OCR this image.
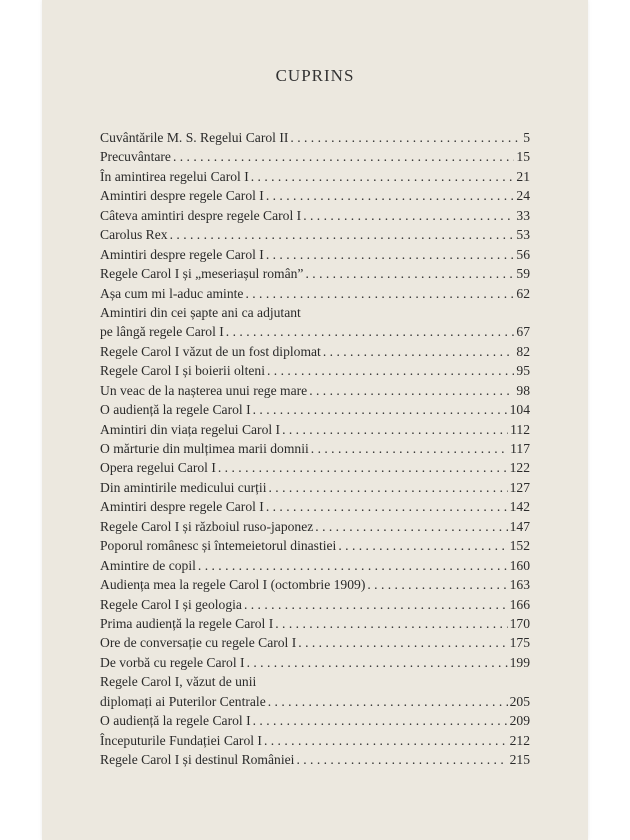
CUPRINS
Cuvântările M. S. Regelui Carol II . . .	5
Precuvântare . . .	15
În amintirea regelui Carol I . . .	21
Amintiri despre regele Carol I . . .	24
Câteva amintiri despre regele Carol I . . .	33
Carolus Rex . . .	53
Amintiri despre regele Carol I . . .	56
Regele Carol I și „meseriașul român” . . .	59
Așa cum mi l-aduc aminte . . .	62
Amintiri din cei șapte ani ca adjutant
pe lângă regele Carol I . . .	67
Regele Carol I văzut de un fost diplomat . . .	82
Regele Carol I și boierii olteni . . .	95
Un veac de la nașterea unui rege mare . . .	98
O audiență la regele Carol I . . .	104
Amintiri din viața regelui Carol I . . .	112
O mărturie din mulțimea marii domnii . . .	117
Opera regelui Carol I . . .	122
Din amintirile medicului curții . . .	127
Amintiri despre regele Carol I . . .	142
Regele Carol I și războiul ruso-japonez . . .	147
Poporul românesc și întemeietorul dinastiei . . .	152
Amintire de copil . . .	160
Audiența mea la regele Carol I (octombrie 1909) . . .	163
Regele Carol I și geologia . . .	166
Prima audiență la regele Carol I . . .	170
Ore de conversație cu regele Carol I . . .	175
De vorbă cu regele Carol I . . .	199
Regele Carol I, văzut de unii
diplomați ai Puterilor Centrale . . .	205
O audiență la regele Carol I . . .	209
Începuturile Fundației Carol I . . .	212
Regele Carol I și destinul României . . .	215
